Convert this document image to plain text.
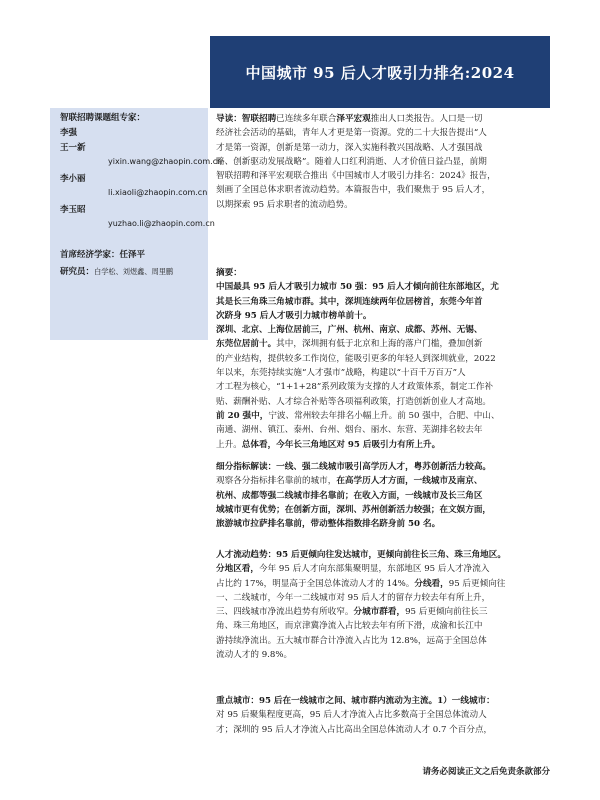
中国城市 95 后人才吸引力排名:2024
智联招聘课题组专家：
李强
王一新
yixin.wang@zhaopin.com.cn
李小丽
li.xiaoli@zhaopin.com.cn
李玉昭
yuzhao.li@zhaopin.com.cn
首席经济学家：任泽平
研究员：白学松、刘煜鑫、周里鹏
导读：智联招聘已连续多年联合泽平宏观推出人口类报告。人口是一切
经济社会活动的基础，青年人才更是第一资源。党的二十大报告提出“人
才是第一资源，创新是第一动力，深入实施科教兴国战略、人才强国战
略、创新驱动发展战略”。随着人口红利消逝、人才价值日益凸显，前期
智联招聘和泽平宏观联合推出《中国城市人才吸引力排名：2024》报告，
刻画了全国总体求职者流动趋势。本篇报告中，我们聚焦于 95 后人才，
以期探索 95 后求职者的流动趋势。
摘要：
中国最具 95 后人才吸引力城市 50 强：95 后人才倾向前往东部地区，尤
其是长三角珠三角城市群。其中，深圳连续两年位居榜首，东莞今年首
次跻身 95 后人才吸引力城市榜单前十。
深圳、北京、上海位居前三，广州、杭州、南京、成都、苏州、无锡、
东莞位居前十。其中，深圳拥有低于北京和上海的落户门槛，叠加创新
的产业结构，提供较多工作岗位，能吸引更多的年轻人到深圳就业，2022
年以来，东莞持续实施“人才强市”战略，构建以“十百千万百万”人
才工程为核心，“1+1+28”系列政策为支撑的人才政策体系，制定工作补
贴、薪酬补贴、人才综合补贴等各项福利政策，打造创新创业人才高地。
前 20 强中，宁波、常州较去年排名小幅上升。前 50 强中，合肥、中山、
南通、湖州、镇江、泰州、台州、烟台、丽水、东营、芜湖排名较去年
上升。总体看，今年长三角地区对 95 后吸引力有所上升。
细分指标解读：一线、强二线城市吸引高学历人才，粤苏创新活力较高。
观察各分指标排名靠前的城市，在高学历人才方面，一线城市及南京、
杭州、成都等强二线城市排名靠前；在收入方面，一线城市及长三角区
域城市更有优势；在创新方面，深圳、苏州创新活力较强；在文娱方面，
旅游城市拉萨排名靠前，带动整体指数排名跻身前 50 名。
人才流动趋势：95 后更倾向往发达城市，更倾向前往长三角、珠三角地区。
分地区看，今年 95 后人才向东部集聚明显，东部地区 95 后人才净流入
占比约 17%，明显高于全国总体流动人才的 14%。分线看，95 后更倾向往
一、二线城市，今年一二线城市对 95 后人才的留存力较去年有所上升，
三、四线城市净流出趋势有所收窄。分城市群看，95 后更倾向前往长三
角、珠三角地区，而京津冀净流入占比较去年有所下滑，成渝和长江中
游持续净流出。五大城市群合计净流入占比为 12.8%，远高于全国总体
流动人才的 9.8%。
重点城市：95 后在一线城市之间、城市群内流动为主流。1）一线城市：
对 95 后聚集程度更高，95 后人才净流入占比多数高于全国总体流动人
才；深圳的 95 后人才净流入占比高出全国总体流动人才 0.7 个百分点，
请务必阅读正文之后免责条款部分
